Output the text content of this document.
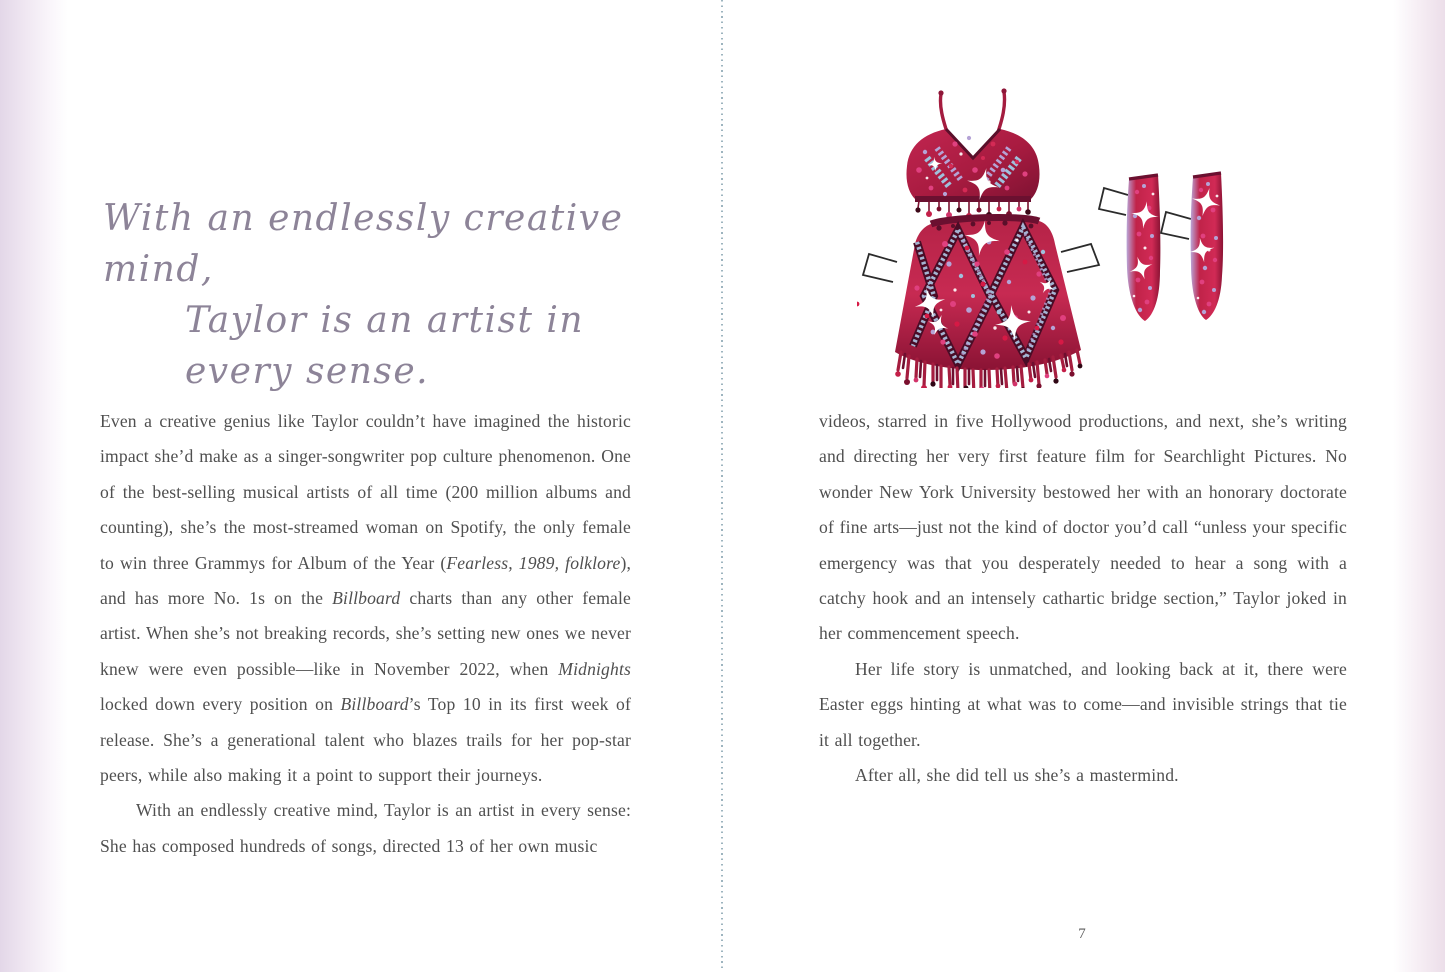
With an endlessly creative mind,
Taylor is an artist in every sense.

Even a creative genius like Taylor couldn’t have imagined the historic impact she’d make as a singer-songwriter pop culture phenomenon. One of the best-selling musical artists of all time (200 million albums and counting), she’s the most-streamed woman on Spotify, the only female to win three Grammys for Album of the Year (Fearless, 1989, folklore), and has more No. 1s on the Billboard charts than any other female artist. When she’s not breaking records, she’s setting new ones we never knew were even possible—like in November 2022, when Midnights locked down every position on Billboard’s Top 10 in its first week of release. She’s a generational talent who blazes trails for her pop-star peers, while also making it a point to support their journeys.

With an endlessly creative mind, Taylor is an artist in every sense: She has composed hundreds of songs, directed 13 of her own music

videos, starred in five Hollywood productions, and next, she’s writing and directing her very first feature film for Searchlight Pictures. No wonder New York University bestowed her with an honorary doctorate of fine arts—just not the kind of doctor you’d call “unless your specific emergency was that you desperately needed to hear a song with a catchy hook and an intensely cathartic bridge section,” Taylor joked in her commencement speech.

Her life story is unmatched, and looking back at it, there were Easter eggs hinting at what was to come—and invisible strings that tie it all together.

After all, she did tell us she’s a mastermind.

7
